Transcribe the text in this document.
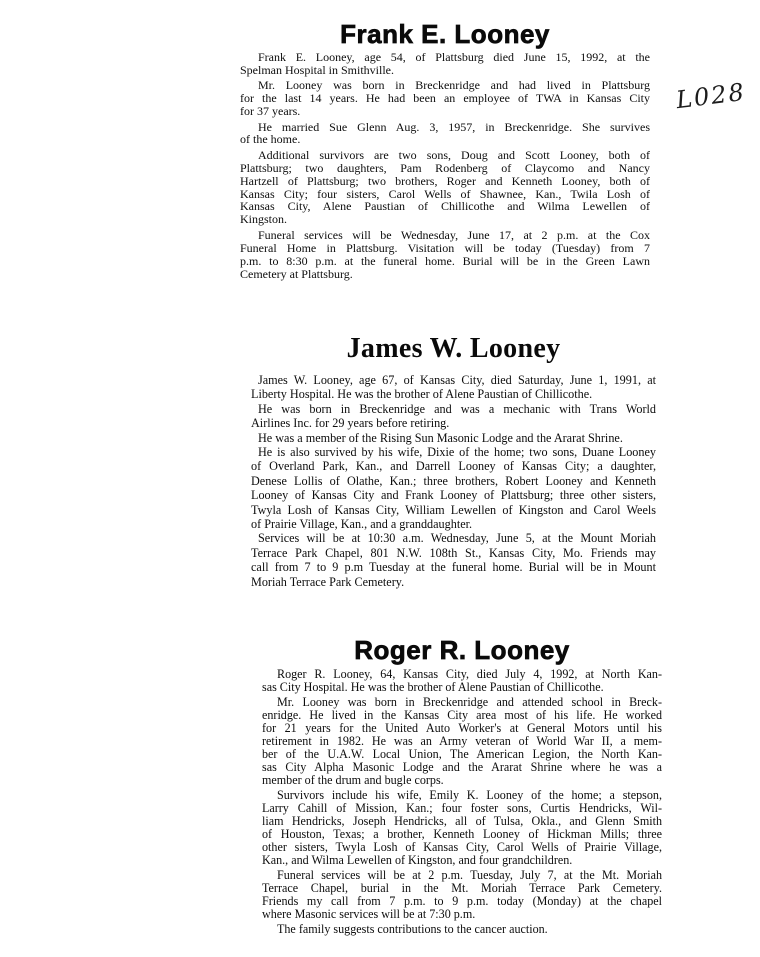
Frank E. Looney

Frank E. Looney, age 54, of Plattsburg died June 15, 1992, at the
Spelman Hospital in Smithville.

Mr. Looney was born in Breckenridge and had lived in Plattsburg
for the last 14 years. He had been an employee of TWA in Kansas City
for 37 years.

He married Sue Glenn Aug. 3, 1957, in Breckenridge. She survives
of the home.

Additional survivors are two sons, Doug and Scott Looney, both of
Plattsburg; two daughters, Pam Rodenberg of Claycomo and Nancy
Hartzell of Plattsburg; two brothers, Roger and Kenneth Looney, both of
Kansas City; four sisters, Carol Wells of Shawnee, Kan., Twila Losh of
Kansas City, Alene Paustian of Chillicothe and Wilma Lewellen of
Kingston.

Funeral services will be Wednesday, June 17, at 2 p.m. at the Cox
Funeral Home in Plattsburg. Visitation will be today (Tuesday) from 7
p.m. to 8:30 p.m. at the funeral home. Burial will be in the Green Lawn
Cemetery at Plattsburg.

James W. Looney

James W. Looney, age 67, of Kansas City, died Saturday, June 1, 1991, at
Liberty Hospital. He was the brother of Alene Paustian of Chillicothe.

He was born in Breckenridge and was a mechanic with Trans World
Airlines Inc. for 29 years before retiring.

He was a member of the Rising Sun Masonic Lodge and the Ararat Shrine.

He is also survived by his wife, Dixie of the home; two sons, Duane Looney
of Overland Park, Kan., and Darrell Looney of Kansas City; a daughter,
Denese Lollis of Olathe, Kan.; three brothers, Robert Looney and Kenneth
Looney of Kansas City and Frank Looney of Plattsburg; three other sisters,
Twyla Losh of Kansas City, William Lewellen of Kingston and Carol Weels
of Prairie Village, Kan., and a granddaughter.

Services will be at 10:30 a.m. Wednesday, June 5, at the Mount Moriah
Terrace Park Chapel, 801 N.W. 108th St., Kansas City, Mo. Friends may
call from 7 to 9 p.m Tuesday at the funeral home. Burial will be in Mount
Moriah Terrace Park Cemetery.

Roger R. Looney

Roger R. Looney, 64, Kansas City, died July 4, 1992, at North Kan-
sas City Hospital. He was the brother of Alene Paustian of Chillicothe.

Mr. Looney was born in Breckenridge and attended school in Breck-
enridge. He lived in the Kansas City area most of his life. He worked
for 21 years for the United Auto Worker's at General Motors until his
retirement in 1982. He was an Army veteran of World War II, a mem-
ber of the U.A.W. Local Union, The American Legion, the North Kan-
sas City Alpha Masonic Lodge and the Ararat Shrine where he was a
member of the drum and bugle corps.

Survivors include his wife, Emily K. Looney of the home; a stepson,
Larry Cahill of Mission, Kan.; four foster sons, Curtis Hendricks, Wil-
liam Hendricks, Joseph Hendricks, all of Tulsa, Okla., and Glenn Smith
of Houston, Texas; a brother, Kenneth Looney of Hickman Mills; three
other sisters, Twyla Losh of Kansas City, Carol Wells of Prairie Village,
Kan., and Wilma Lewellen of Kingston, and four grandchildren.

Funeral services will be at 2 p.m. Tuesday, July 7, at the Mt. Moriah
Terrace Chapel, burial in the Mt. Moriah Terrace Park Cemetery.
Friends my call from 7 p.m. to 9 p.m. today (Monday) at the chapel
where Masonic services will be at 7:30 p.m.

The family suggests contributions to the cancer auction.

L028
